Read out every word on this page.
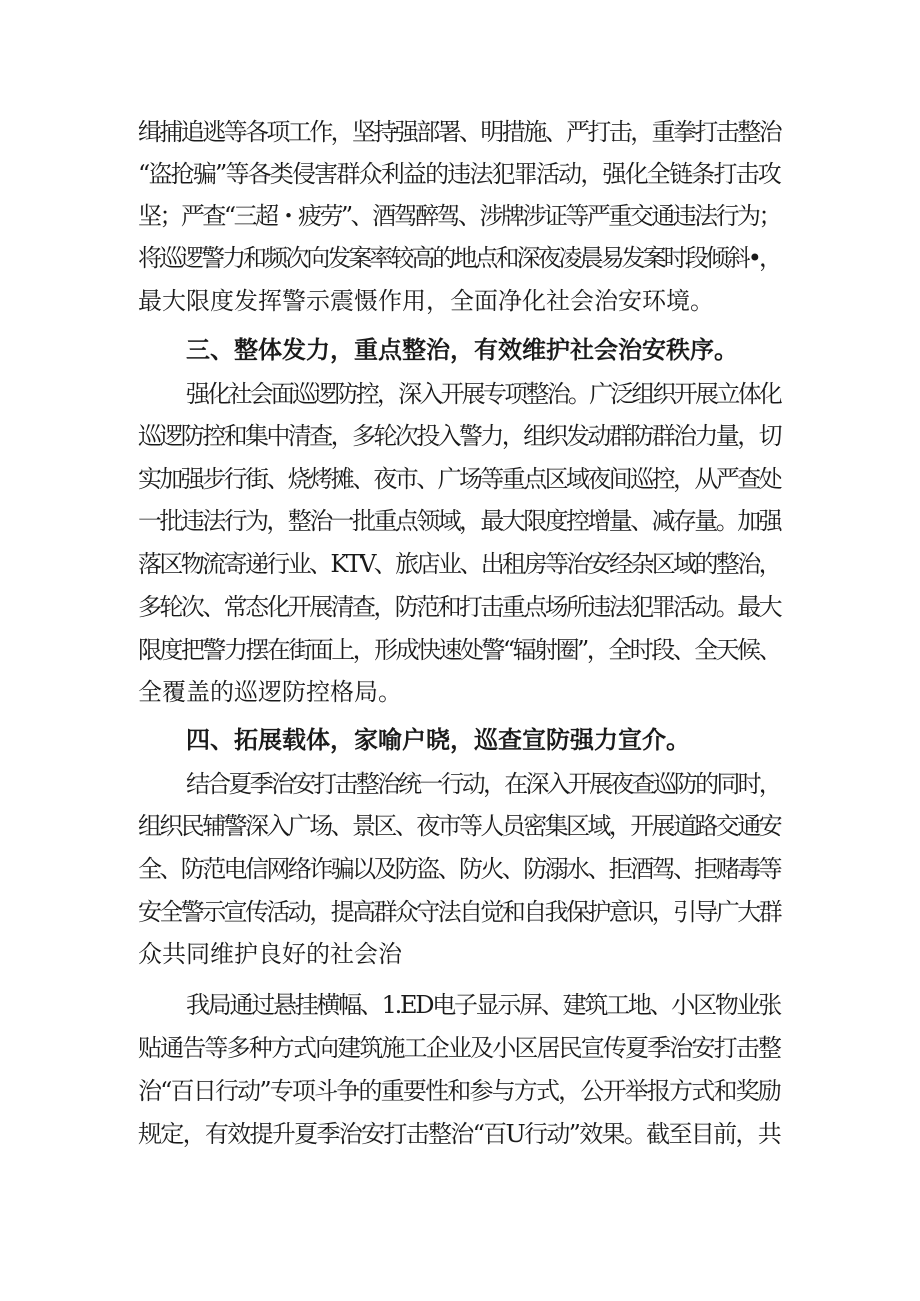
缉捕追逃等各项工作，坚持强部署、明措施、严打击，重拳打击整治
“盗抢骗”等各类侵害群众利益的违法犯罪活动，强化全链条打击攻
坚；严查“三超・疲劳”、酒驾醉驾、涉牌涉证等严重交通违法行为；
将巡逻警力和频次向发案率较高的地点和深夜凌晨易发案时段倾斜•，
最大限度发挥警示震慑作用，全面净化社会治安环境。
三、整体发力，重点整治，有效维护社会治安秩序。
强化社会面巡逻防控，深入开展专项整治。广泛组织开展立体化
巡逻防控和集中清查，多轮次投入警力，组织发动群防群治力量，切
实加强步行街、烧烤摊、夜市、广场等重点区域夜间巡控，从严查处
一批违法行为，整治一批重点领域，最大限度控增量、减存量。加强
落区物流寄递行业、KTV、旅店业、出租房等治安经杂区域的整治，
多轮次、常态化开展清查，防范和打击重点场所违法犯罪活动。最大
限度把警力摆在街面上，形成快速处警“辐射圈”，全时段、全天候、
全覆盖的巡逻防控格局。
四、拓展载体，家喻户晓，巡查宣防强力宣介。
结合夏季治安打击整治统一行动，在深入开展夜查巡防的同时，
组织民辅警深入广场、景区、夜市等人员密集区域，开展道路交通安
全、防范电信网络诈骗以及防盗、防火、防溺水、拒酒驾、拒赌毒等
安全警示宣传活动，提高群众守法自觉和自我保护意识，引导广大群
众共同维护良好的社会治
我局通过悬挂横幅、1.ED电子显示屏、建筑工地、小区物业张
贴通告等多种方式向建筑施工企业及小区居民宣传夏季治安打击整
治“百日行动”专项斗争的重要性和参与方式，公开举报方式和奖励
规定，有效提升夏季治安打击整治“百U行动”效果。截至目前，共
